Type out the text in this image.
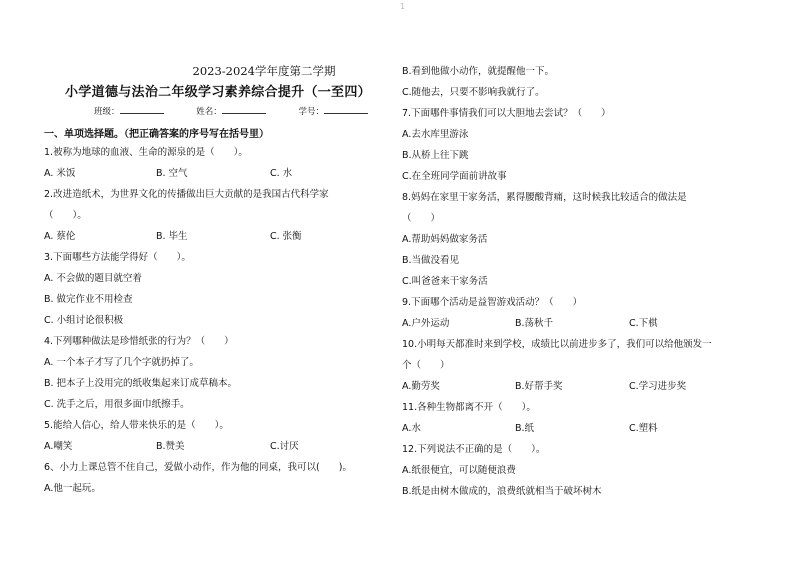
1
2023-2024学年度第二学期
小学道德与法治二年级学习素养综合提升（一至四）
班级：	姓名：	学号：
一、单项选择题。（把正确答案的序号写在括号里）
1.被称为地球的血液、生命的源泉的是（　　）。
A. 米饭	B. 空气	C. 水
2.改进造纸术，为世界文化的传播做出巨大贡献的是我国古代科学家
（　　）。
A. 蔡伦	B. 毕生	C. 张衡
3.下面哪些方法能学得好（　　）。
A. 不会做的题目就空着
B. 做完作业不用检查
C. 小组讨论很积极
4.下列哪种做法是珍惜纸张的行为？（　　）
A. 一个本子才写了几个字就扔掉了。
B. 把本子上没用完的纸收集起来订成草稿本。
C. 洗手之后，用很多面巾纸擦手。
5.能给人信心，给人带来快乐的是（　　）。
A.嘲笑	B.赞美	C.讨厌
6、小力上课总管不住自己，爱做小动作，作为他的同桌，我可以(　　)。
A.他一起玩。
B.看到他做小动作，就提醒他一下。
C.随他去，只要不影响我就行了。
7.下面哪件事情我们可以大胆地去尝试？（　　）
A.去水库里游泳
B.从桥上往下跳
C.在全班同学面前讲故事
8.妈妈在家里干家务活，累得腰酸背痛，这时候我比较适合的做法是
（　　）
A.帮助妈妈做家务活
B.当做没看见
C.叫爸爸来干家务活
9.下面哪个活动是益智游戏活动？（　　）
A.户外运动	B.荡秋千	C.下棋
10.小明每天都准时来到学校，成绩比以前进步多了，我们可以给他颁发一
个（　　）
A.勤劳奖	B.好帮手奖	C.学习进步奖
11.各种生物都离不开（　　）。
A.水	B.纸	C.塑料
12.下列说法不正确的是（　　）。
A.纸很便宜，可以随便浪费
B.纸是由树木做成的，浪费纸就相当于破坏树木
